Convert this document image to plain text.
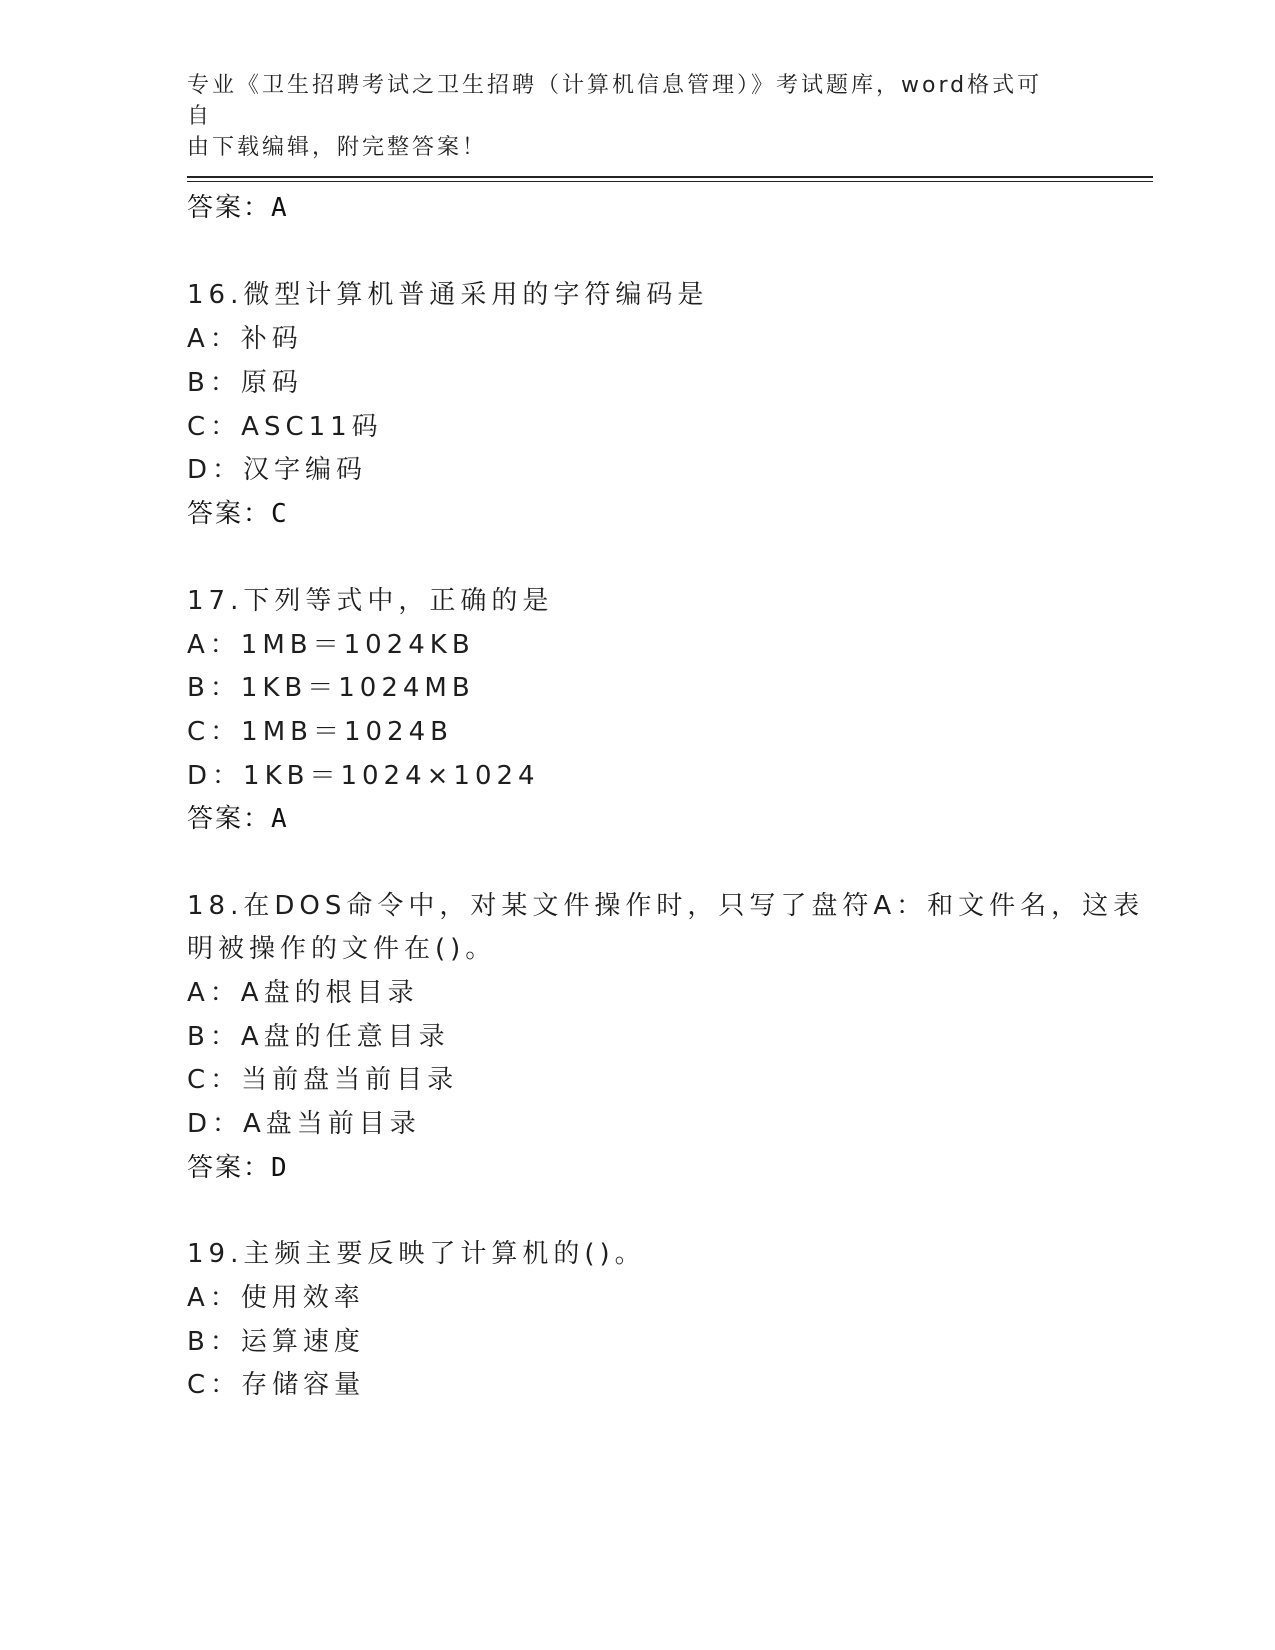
专业《卫生招聘考试之卫生招聘（计算机信息管理）》考试题库，word格式可自
由下载编辑，附完整答案！
答案：A
16.微型计算机普通采用的字符编码是
A：补码
B：原码
C：ASC11码
D：汉字编码
答案：C
17.下列等式中，正确的是
A：1MB＝1024KB
B：1KB＝1024MB
C：1MB＝1024B
D：1KB＝1024×1024
答案：A
18.在DOS命令中，对某文件操作时，只写了盘符A：和文件名，这表
明被操作的文件在()。
A：A盘的根目录
B：A盘的任意目录
C：当前盘当前目录
D：A盘当前目录
答案：D
19.主频主要反映了计算机的()。
A：使用效率
B：运算速度
C：存储容量
